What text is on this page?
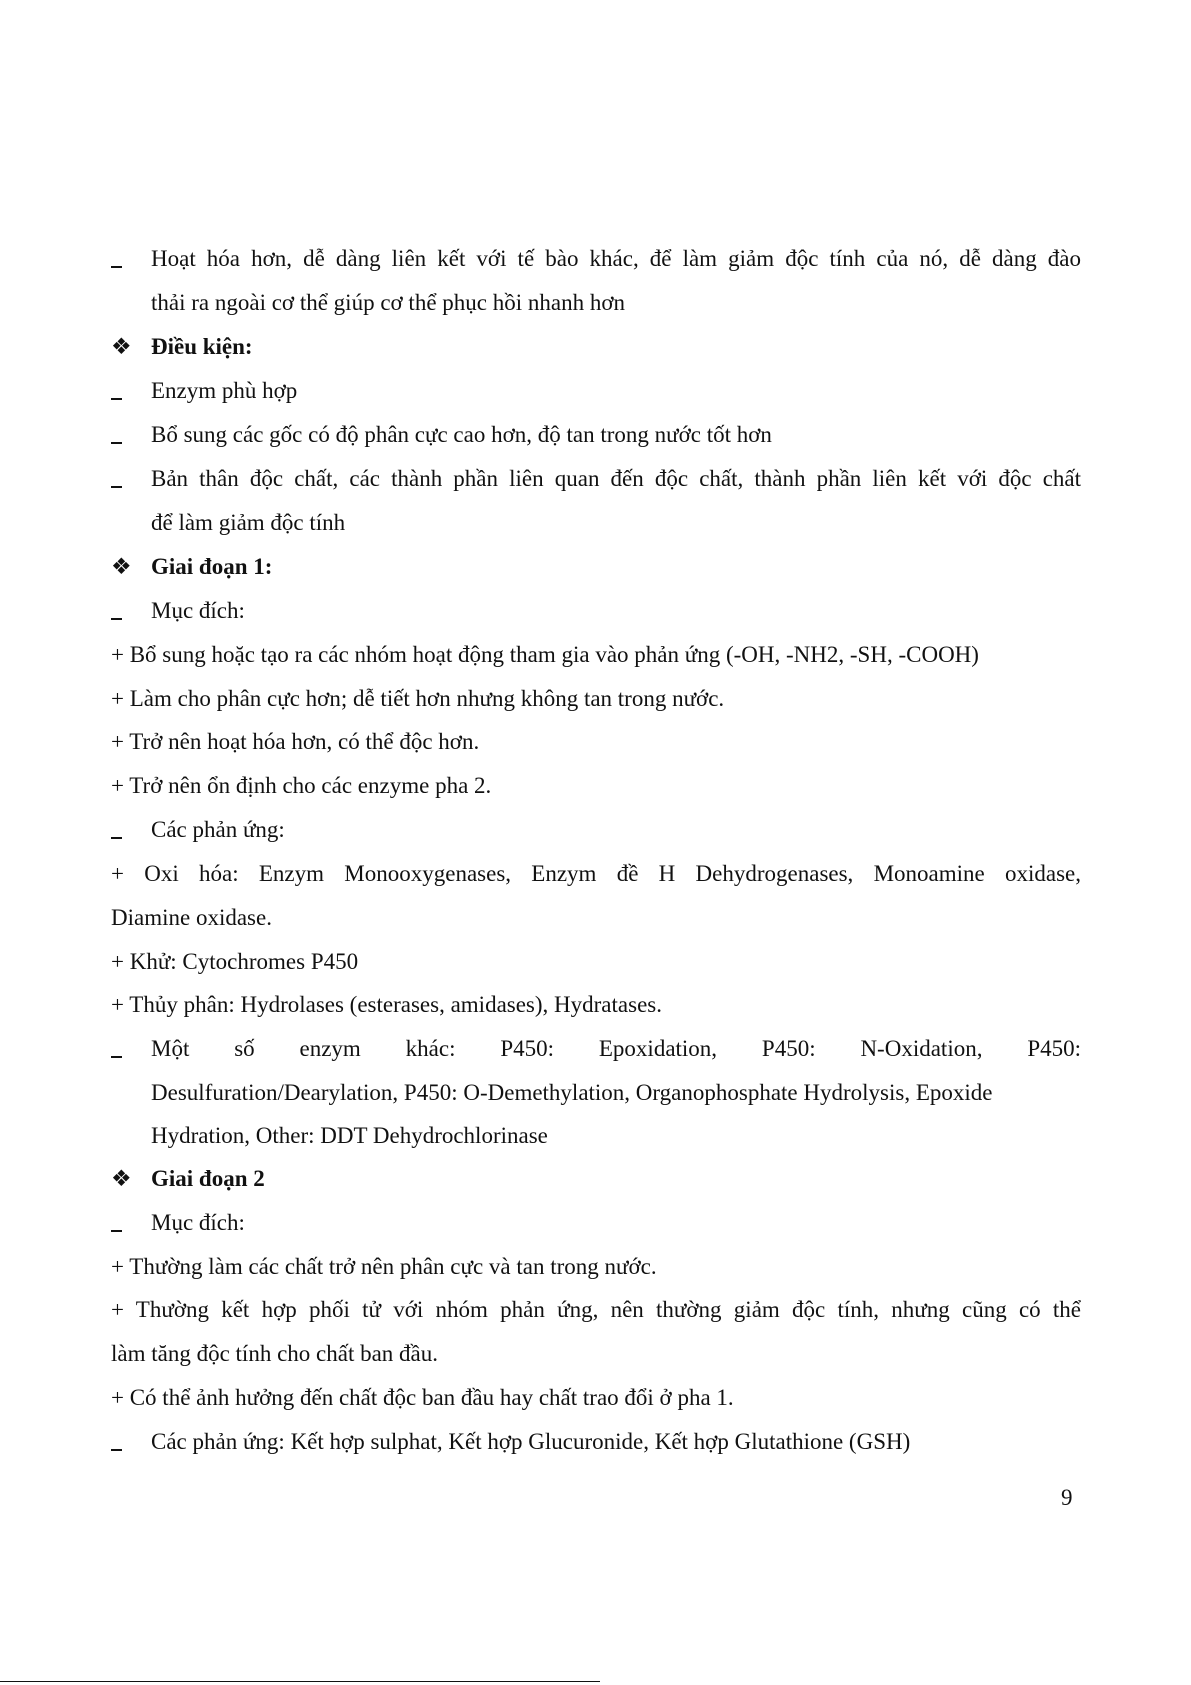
Hoạt hóa hơn, dễ dàng liên kết với tế bào khác, để làm giảm độc tính của nó, dễ dàng đào
thải ra ngoài cơ thể giúp cơ thể phục hồi nhanh hơn
❖ Điều kiện:
Enzym phù hợp
Bổ sung các gốc có độ phân cực cao hơn, độ tan trong nước tốt hơn
Bản thân độc chất, các thành phần liên quan đến độc chất, thành phần liên kết với độc chất
để làm giảm độc tính
❖ Giai đoạn 1:
Mục đích:
+ Bổ sung hoặc tạo ra các nhóm hoạt động tham gia vào phản ứng (-OH, -NH2, -SH, -COOH)
+ Làm cho phân cực hơn; dễ tiết hơn nhưng không tan trong nước.
+ Trở nên hoạt hóa hơn, có thể độc hơn.
+ Trở nên ổn định cho các enzyme pha 2.
Các phản ứng:
+ Oxi hóa: Enzym Monooxygenases, Enzym đề H Dehydrogenases, Monoamine oxidase,
Diamine oxidase.
+ Khử: Cytochromes P450
+ Thủy phân: Hydrolases (esterases, amidases), Hydratases.
Một số enzym khác: P450: Epoxidation, P450: N-Oxidation, P450:
Desulfuration/Dearylation, P450: O-Demethylation, Organophosphate Hydrolysis, Epoxide
Hydration, Other: DDT Dehydrochlorinase
❖ Giai đoạn 2
Mục đích:
+ Thường làm các chất trở nên phân cực và tan trong nước.
+ Thường kết hợp phối tử với nhóm phản ứng, nên thường giảm độc tính, nhưng cũng có thể
làm tăng độc tính cho chất ban đầu.
+ Có thể ảnh hưởng đến chất độc ban đầu hay chất trao đổi ở pha 1.
Các phản ứng: Kết hợp sulphat, Kết hợp Glucuronide, Kết hợp Glutathione (GSH)
9
